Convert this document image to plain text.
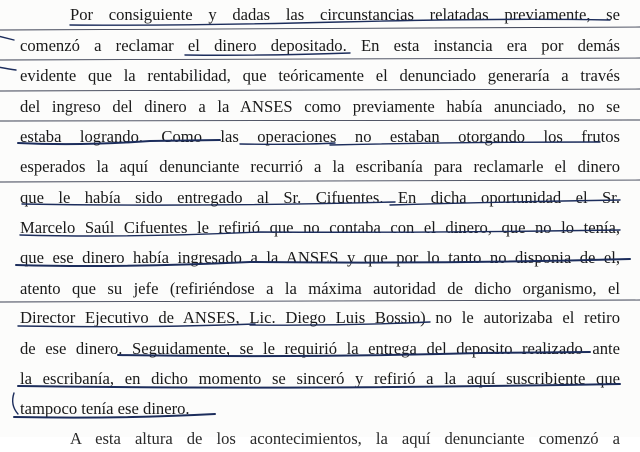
Por consiguiente y dadas las circunstancias relatadas previamente, se
comenzó a reclamar el dinero depositado. En esta instancia era por demás
evidente que la rentabilidad, que teóricamente el denunciado generaría a través
del ingreso del dinero a la ANSES como previamente había anunciado, no se
estaba logrando. Como las operaciones no estaban otorgando los frutos
esperados la aquí denunciante recurrió a la escribanía para reclamarle el dinero
que le había sido entregado al Sr. Cifuentes. En dicha oportunidad el Sr.
Marcelo Saúl Cifuentes le refirió que no contaba con el dinero, que no lo tenía,
que ese dinero había ingresado a la ANSES y que por lo tanto no disponia de el,
atento que su jefe (refiriéndose a la máxima autoridad de dicho organismo, el
Director Ejecutivo de ANSES, Lic. Diego Luis Bossio) no le autorizaba el retiro
de ese dinero. Seguidamente, se le requirió la entrega del deposito realizado ante
la escribanía, en dicho momento se sinceró y refirió a la aquí suscribiente que
tampoco tenía ese dinero.
A esta altura de los acontecimientos, la aquí denunciante comenzó a
